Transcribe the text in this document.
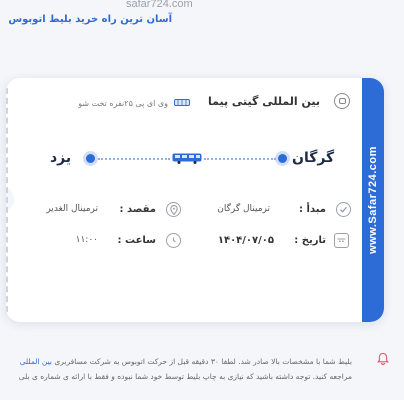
safar724.com
آسان ترین راه خرید بلیط اتوبوس
www.Safar724.com
بین المللی گیتی پیما
وی ای پی ۲۵نفره تخت شو
گرگان
یزد
مبدأ :
ترمینال گرگان
مقصد :
ترمینال الغدیر
تاریخ :
۱۴۰۴/۰۷/۰۵
ساعت :
۱۱:۰۰
بلیط شما با مشخصات بالا صادر شد. لطفا ۳۰ دقیقه قبل از حرکت اتوبوس به شرکت مسافربری بین المللی
مراجعه کنید. توجه داشته باشید که نیازی به چاپ بلیط توسط خود شما نبوده و فقط با ارائه ی شماره ی بلی
